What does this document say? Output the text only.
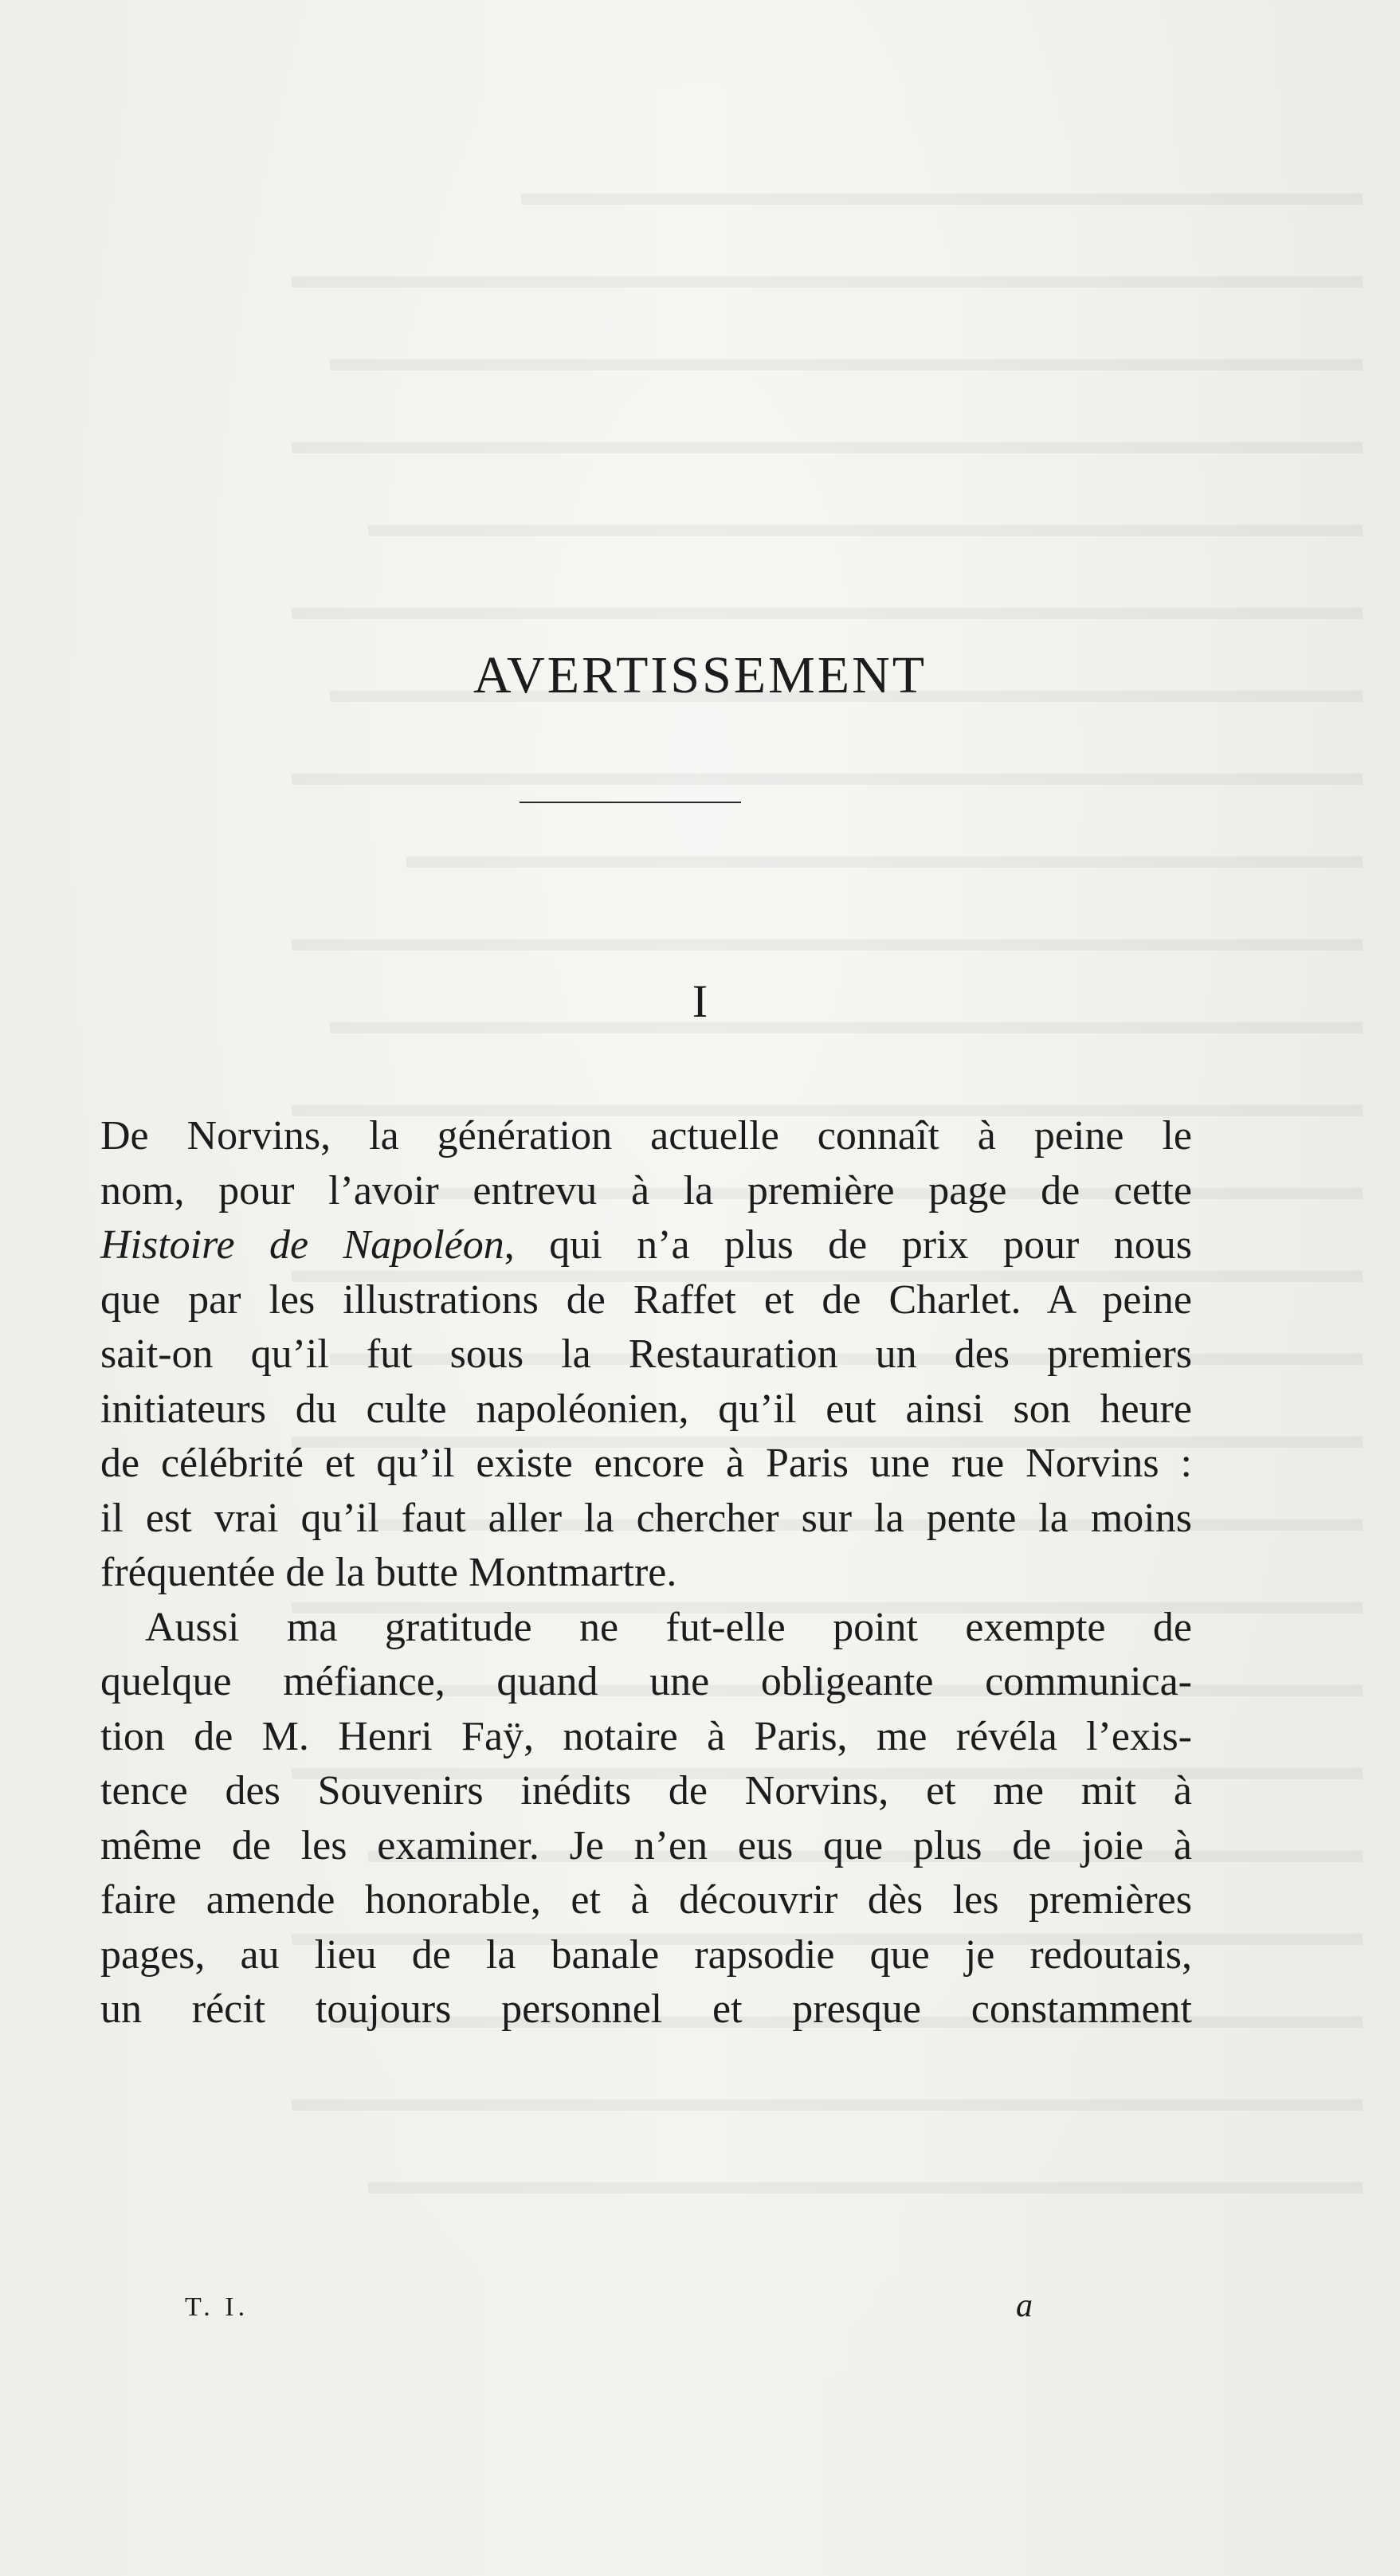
AVERTISSEMENT
I
De Norvins, la génération actuelle connaît à peine le
nom, pour l’avoir entrevu à la première page de cette
Histoire de Napoléon, qui n’a plus de prix pour nous
que par les illustrations de Raffet et de Charlet. A peine
sait-on qu’il fut sous la Restauration un des premiers
initiateurs du culte napoléonien, qu’il eut ainsi son heure
de célébrité et qu’il existe encore à Paris une rue Norvins :
il est vrai qu’il faut aller la chercher sur la pente la moins
fréquentée de la butte Montmartre.
Aussi ma gratitude ne fut-elle point exempte de
quelque méfiance, quand une obligeante communica-
tion de M. Henri Faÿ, notaire à Paris, me révéla l’exis-
tence des Souvenirs inédits de Norvins, et me mit à
même de les examiner. Je n’en eus que plus de joie à
faire amende honorable, et à découvrir dès les premières
pages, au lieu de la banale rapsodie que je redoutais,
un récit toujours personnel et presque constamment
T. I.	a
